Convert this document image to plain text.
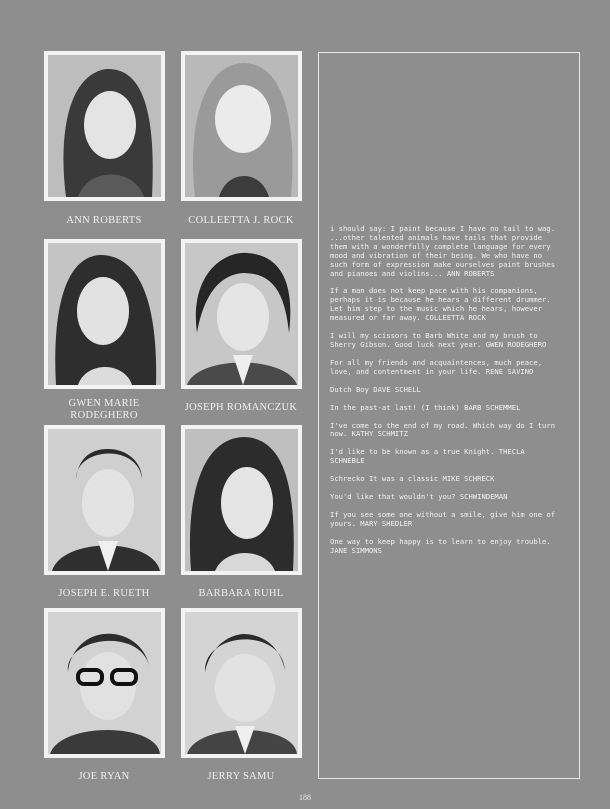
ANN ROBERTS
GWEN MARIE RODEGHERO
JOSEPH E. RUETH
JOE RYAN
COLLEETTA J. ROCK
JOSEPH ROMANCZUK
BARBARA RUHL
JERRY SAMU

i should say: I paint because I have no tail to wag. ...other talented animals have tails that provide them with a wonderfully complete language for every mood and vibration of their being. We who have no such form of expression make ourselves paint brushes and pianoes and violins... ANN ROBERTS

If a man does not keep pace with his companions, perhaps it is because he hears a different drummer. Let him step to the music which he hears, however measured or far away. COLLEETTA ROCK

I will my scissors to Barb White and my brush to Sherry Gibson. Good luck next year. GWEN RODEGHERO

For all my friends and acquaintences, much peace, love, and contentment in your life. RENE SAVINO

Dutch Boy DAVE SCHELL

In the past-at last! (I think) BARB SCHEMMEL

I've come to the end of my road. Which way do I turn now. KATHY SCHMITZ

I'd like to be known as a true Knight. THECLA SCHNEBLE

Schrecko It was a classic MIKE SCHRECK

You'd like that wouldn't you? SCHWINDEMAN

If you see some one without a smile, give him one of yours. MARY SHEDLER

One way to keep happy is to learn to enjoy trouble. JANE SIMMONS

188
